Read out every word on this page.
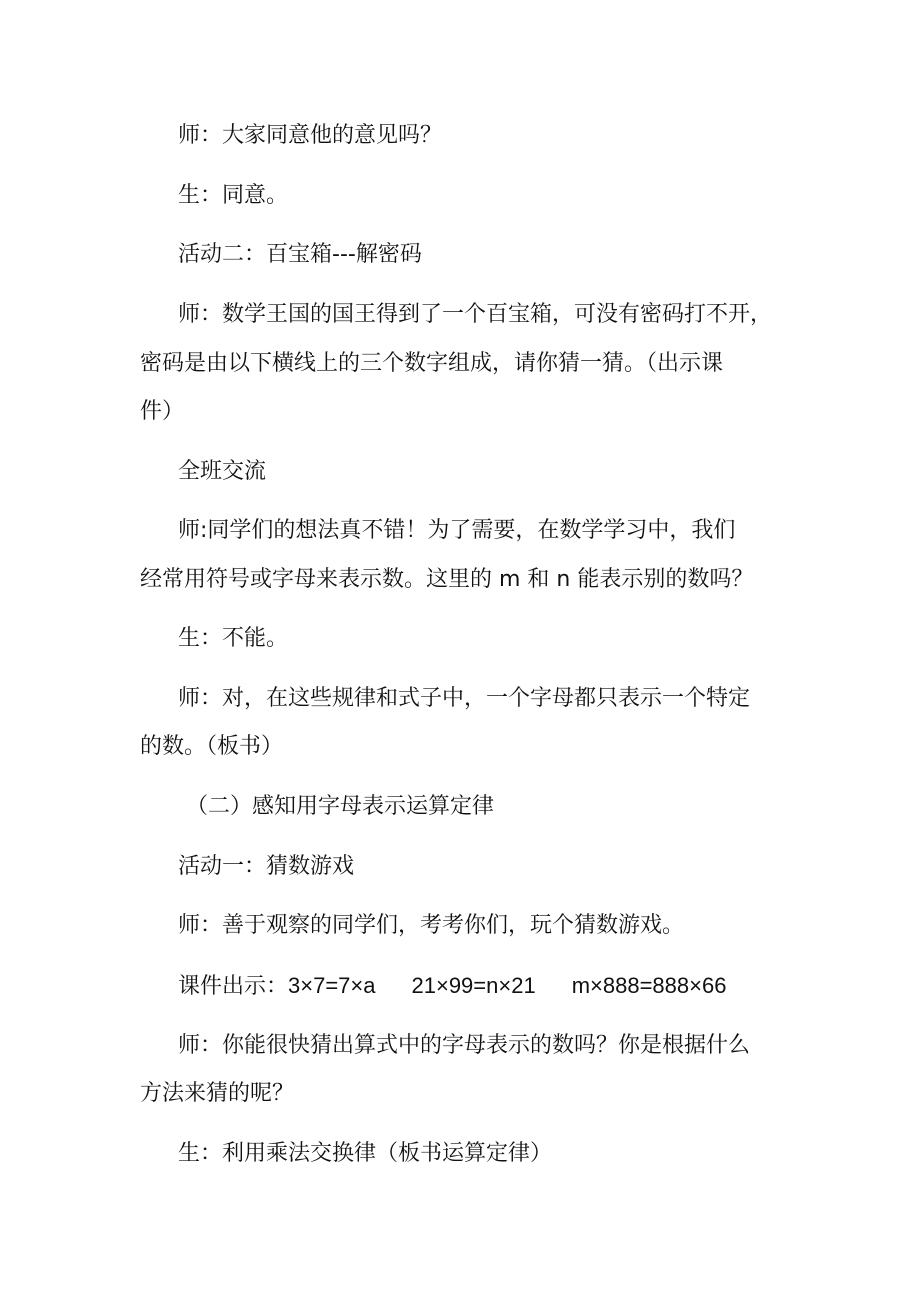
师：大家同意他的意见吗？
生：同意。
活动二：百宝箱---解密码
师：数学王国的国王得到了一个百宝箱，可没有密码打不开，
密码是由以下横线上的三个数字组成，请你猜一猜。（出示课
件）
全班交流
师:同学们的想法真不错！为了需要，在数学学习中，我们
经常用符号或字母来表示数。这里的 m 和 n 能表示别的数吗？
生：不能。
师：对，在这些规律和式子中，一个字母都只表示一个特定
的数。（板书）
（二）感知用字母表示运算定律
活动一：猜数游戏
师：善于观察的同学们，考考你们，玩个猜数游戏。
课件出示：3×7=7×a 21×99=n×21 m×888=888×66
师：你能很快猜出算式中的字母表示的数吗？你是根据什么
方法来猜的呢？
生：利用乘法交换律（板书运算定律）
